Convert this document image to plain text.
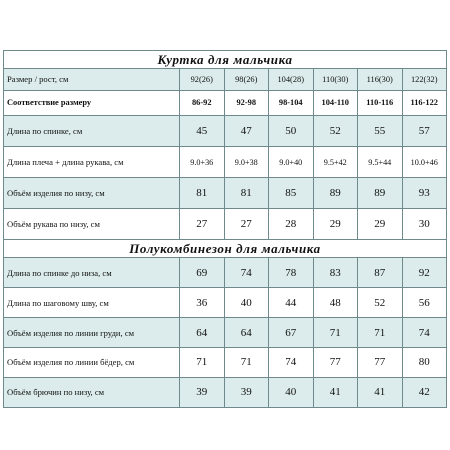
Куртка для мальчика						
Размер / рост, см	92(26)	98(26)	104(28)	110(30)	116(30)	122(32)
Соответствие размеру	86-92	92-98	98-104	104-110	110-116	116-122
Длина по спинке, см	45	47	50	52	55	57
Длина плеча + длина рукава, см	9.0+36	9.0+38	9.0+40	9.5+42	9.5+44	10.0+46
Объём изделия по низу, см	81	81	85	89	89	93
Объём рукава по низу, см	27	27	28	29	29	30
Полукомбинезон для мальчика						
Длина по спинке до низа, см	69	74	78	83	87	92
Длина по шаговому шву, см	36	40	44	48	52	56
Объём изделия по линии груди, см	64	64	67	71	71	74
Объём изделия по линии бёдер, см	71	71	74	77	77	80
Объём брючин по низу, см	39	39	40	41	41	42
